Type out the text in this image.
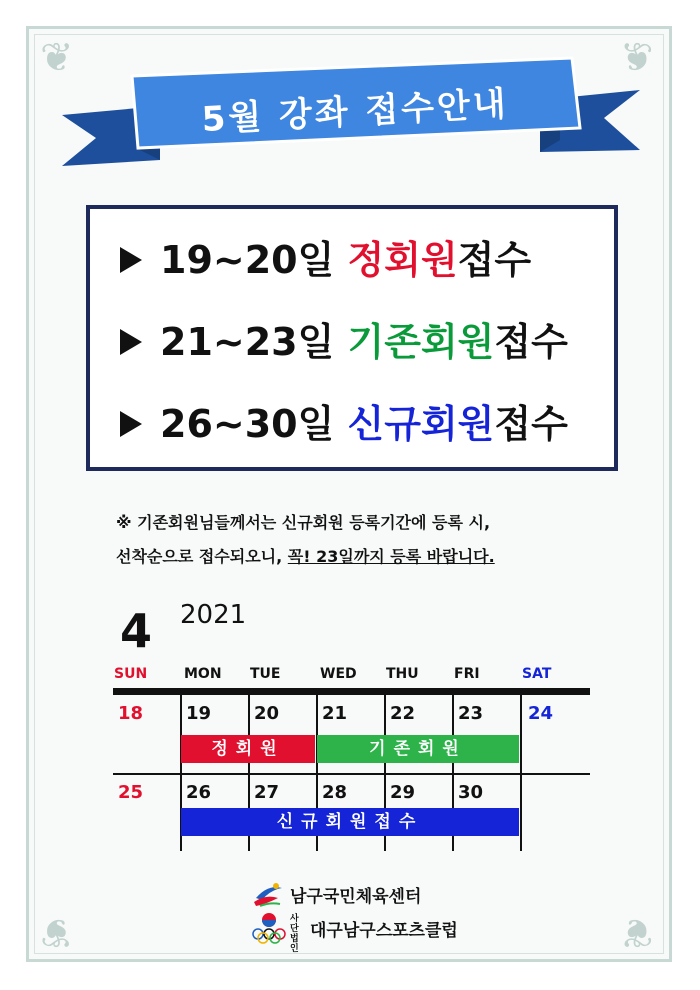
❦	❦
❦	❦
5월 강좌 접수안내
19~20일 정회원접수
21~23일 기존회원접수
26~30일 신규회원접수
※ 기존회원님들께서는 신규회원 등록기간에 등록 시,
선착순으로 접수되오니, 꼭! 23일까지 등록 바랍니다.
4 2021
SUN	MON TUE	WED THU	FRI	SAT
18 19 20 21 22 23 24
정회원	기존회원
25 26 27 28 29 30
신규회원접수
남구국민체육센터
사단법인
대구남구스포츠클럽
